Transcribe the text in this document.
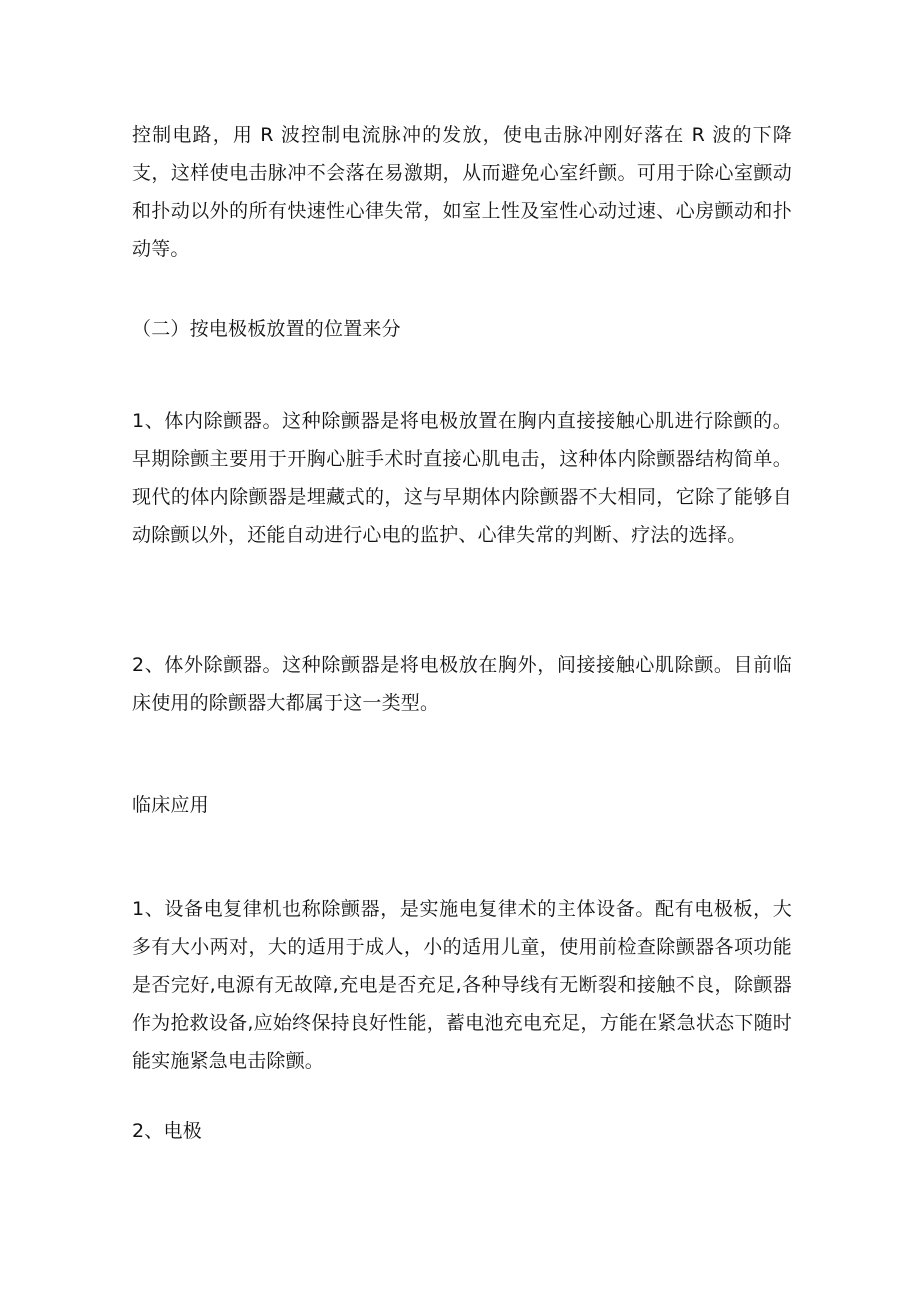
控制电路，用 R 波控制电流脉冲的发放，使电击脉冲刚好落在 R 波的下降支，这样使电击脉冲不会落在易激期，从而避免心室纤颤。可用于除心室颤动和扑动以外的所有快速性心律失常，如室上性及室性心动过速、心房颤动和扑动等。

（二）按电极板放置的位置来分

1、体内除颤器。这种除颤器是将电极放置在胸内直接接触心肌进行除颤的。早期除颤主要用于开胸心脏手术时直接心肌电击，这种体内除颤器结构简单。现代的体内除颤器是埋藏式的，这与早期体内除颤器不大相同，它除了能够自动除颤以外，还能自动进行心电的监护、心律失常的判断、疗法的选择。

2、体外除颤器。这种除颤器是将电极放在胸外，间接接触心肌除颤。目前临床使用的除颤器大都属于这一类型。

临床应用

1、设备电复律机也称除颤器，是实施电复律术的主体设备。配有电极板，大多有大小两对，大的适用于成人，小的适用儿童，使用前检查除颤器各项功能是否完好,电源有无故障,充电是否充足,各种导线有无断裂和接触不良，除颤器作为抢救设备,应始终保持良好性能，蓄电池充电充足，方能在紧急状态下随时能实施紧急电击除颤。

2、电极
